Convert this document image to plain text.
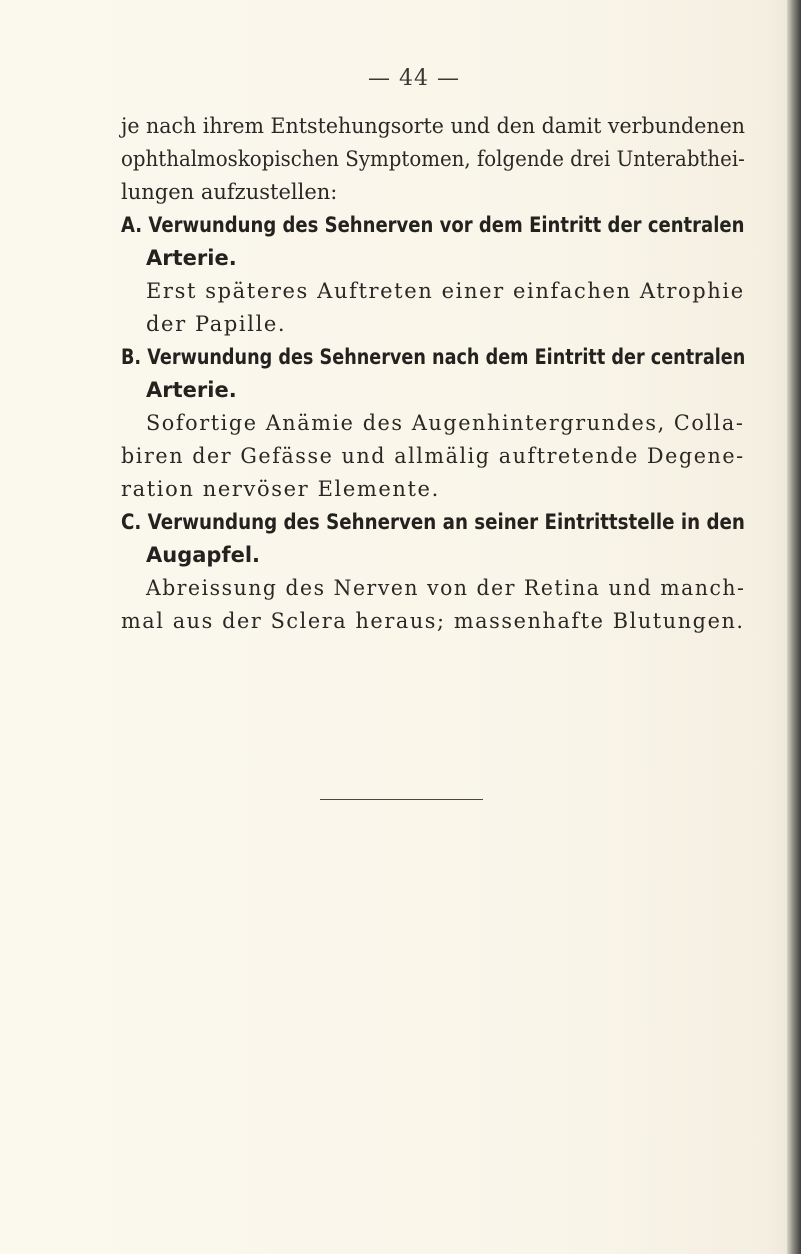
— 44 —
je nach ihrem Entstehungsorte und den damit verbundenen
ophthalmoskopischen Symptomen, folgende drei Unterabthei-
lungen aufzustellen:
A. Verwundung des Sehnerven vor dem Eintritt der centralen
Arterie.
Erst späteres Auftreten einer einfachen Atrophie
der Papille.
B. Verwundung des Sehnerven nach dem Eintritt der centralen
Arterie.
Sofortige Anämie des Augenhintergrundes, Colla-
biren der Gefässe und allmälig auftretende Degene-
ration nervöser Elemente.
C. Verwundung des Sehnerven an seiner Eintrittstelle in den
Augapfel.
Abreissung des Nerven von der Retina und manch-
mal aus der Sclera heraus; massenhafte Blutungen.
